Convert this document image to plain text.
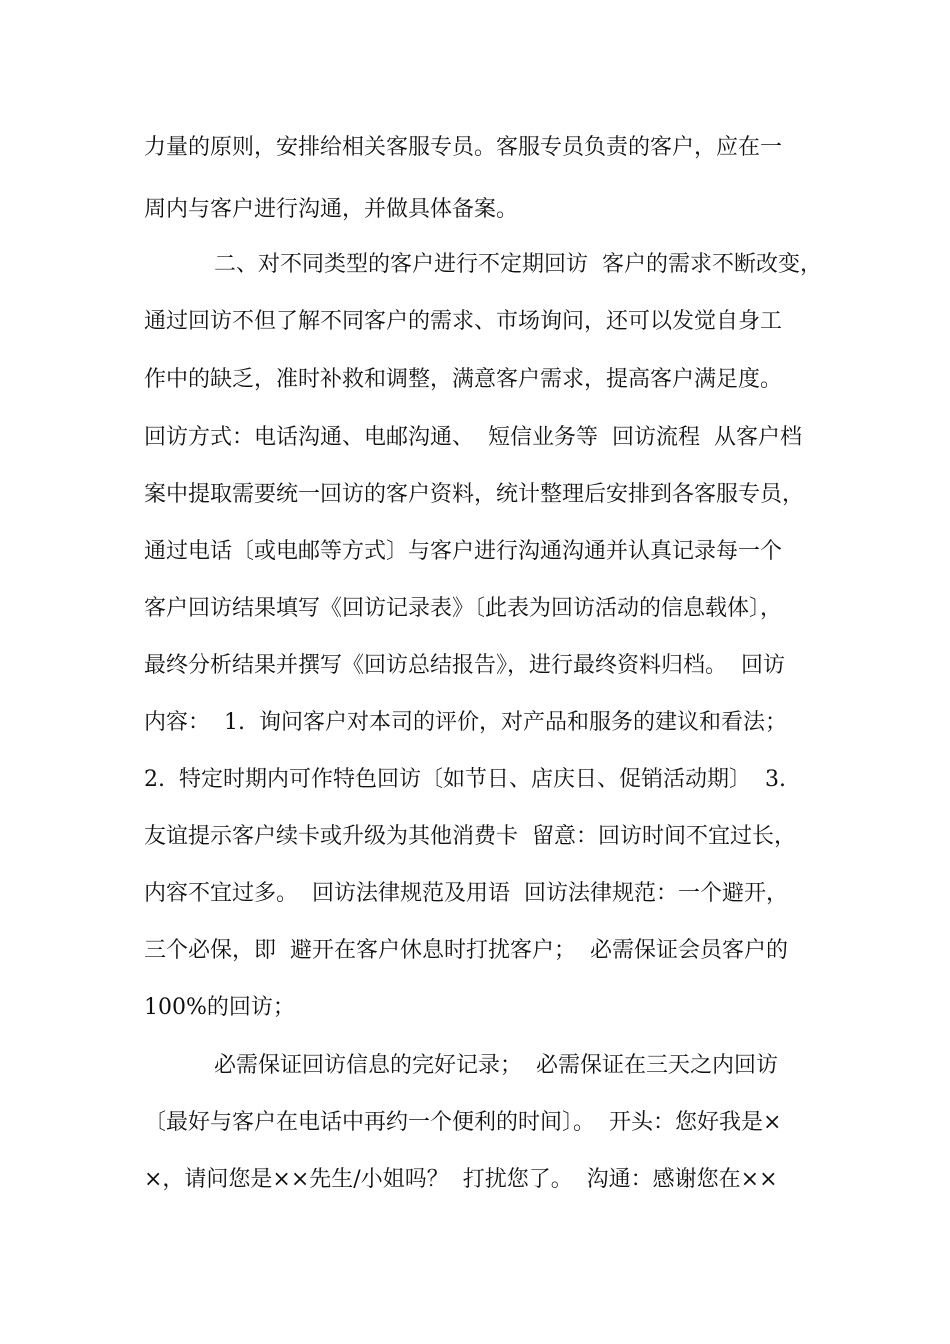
力量的原则，安排给相关客服专员。客服专员负责的客户，应在一
周内与客户进行沟通，并做具体备案。
二、对不同类型的客户进行不定期回访  客户的需求不断改变，
通过回访不但了解不同客户的需求、市场询问，还可以发觉自身工
作中的缺乏，准时补救和调整，满意客户需求，提高客户满足度。
回访方式：电话沟通、电邮沟通、  短信业务等  回访流程  从客户档
案中提取需要统一回访的客户资料，统计整理后安排到各客服专员，
通过电话〔或电邮等方式〕与客户进行沟通沟通并认真记录每一个
客户回访结果填写《回访记录表》〔此表为回访活动的信息载体〕，
最终分析结果并撰写《回访总结报告》，进行最终资料归档。  回访
内容：  1.  询问客户对本司的评价，对产品和服务的建议和看法；
2.  特定时期内可作特色回访〔如节日、店庆日、促销活动期〕  3.
友谊提示客户续卡或升级为其他消费卡  留意：回访时间不宜过长，
内容不宜过多。  回访法律规范及用语  回访法律规范：一个避开，
三个必保，即  避开在客户休息时打扰客户；  必需保证会员客户的
100%的回访；
必需保证回访信息的完好记录；  必需保证在三天之内回访
〔最好与客户在电话中再约一个便利的时间〕。  开头：您好我是×
×，请问您是××先生/小姐吗？  打扰您了。  沟通：感谢您在××
